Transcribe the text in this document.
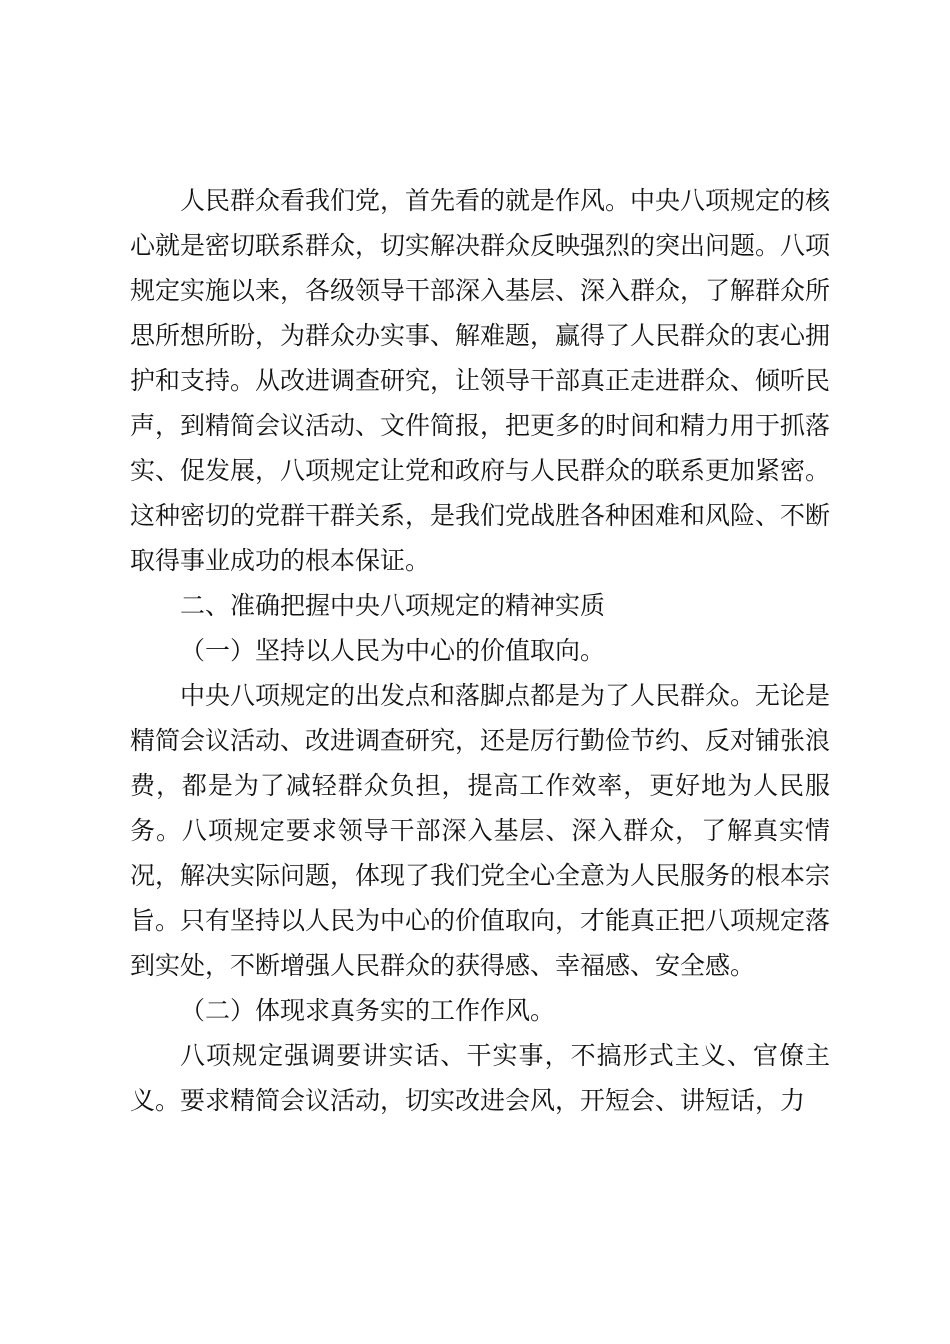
人民群众看我们党，首先看的就是作风。中央八项规定的核心就是密切联系群众，切实解决群众反映强烈的突出问题。八项规定实施以来，各级领导干部深入基层、深入群众，了解群众所思所想所盼，为群众办实事、解难题，赢得了人民群众的衷心拥护和支持。从改进调查研究，让领导干部真正走进群众、倾听民声，到精简会议活动、文件简报，把更多的时间和精力用于抓落实、促发展，八项规定让党和政府与人民群众的联系更加紧密。这种密切的党群干群关系，是我们党战胜各种困难和风险、不断取得事业成功的根本保证。

二、准确把握中央八项规定的精神实质

（一）坚持以人民为中心的价值取向。

中央八项规定的出发点和落脚点都是为了人民群众。无论是精简会议活动、改进调查研究，还是厉行勤俭节约、反对铺张浪费，都是为了减轻群众负担，提高工作效率，更好地为人民服务。八项规定要求领导干部深入基层、深入群众，了解真实情况，解决实际问题，体现了我们党全心全意为人民服务的根本宗旨。只有坚持以人民为中心的价值取向，才能真正把八项规定落到实处，不断增强人民群众的获得感、幸福感、安全感。

（二）体现求真务实的工作作风。

八项规定强调要讲实话、干实事，不搞形式主义、官僚主义。要求精简会议活动，切实改进会风，开短会、讲短话，力
